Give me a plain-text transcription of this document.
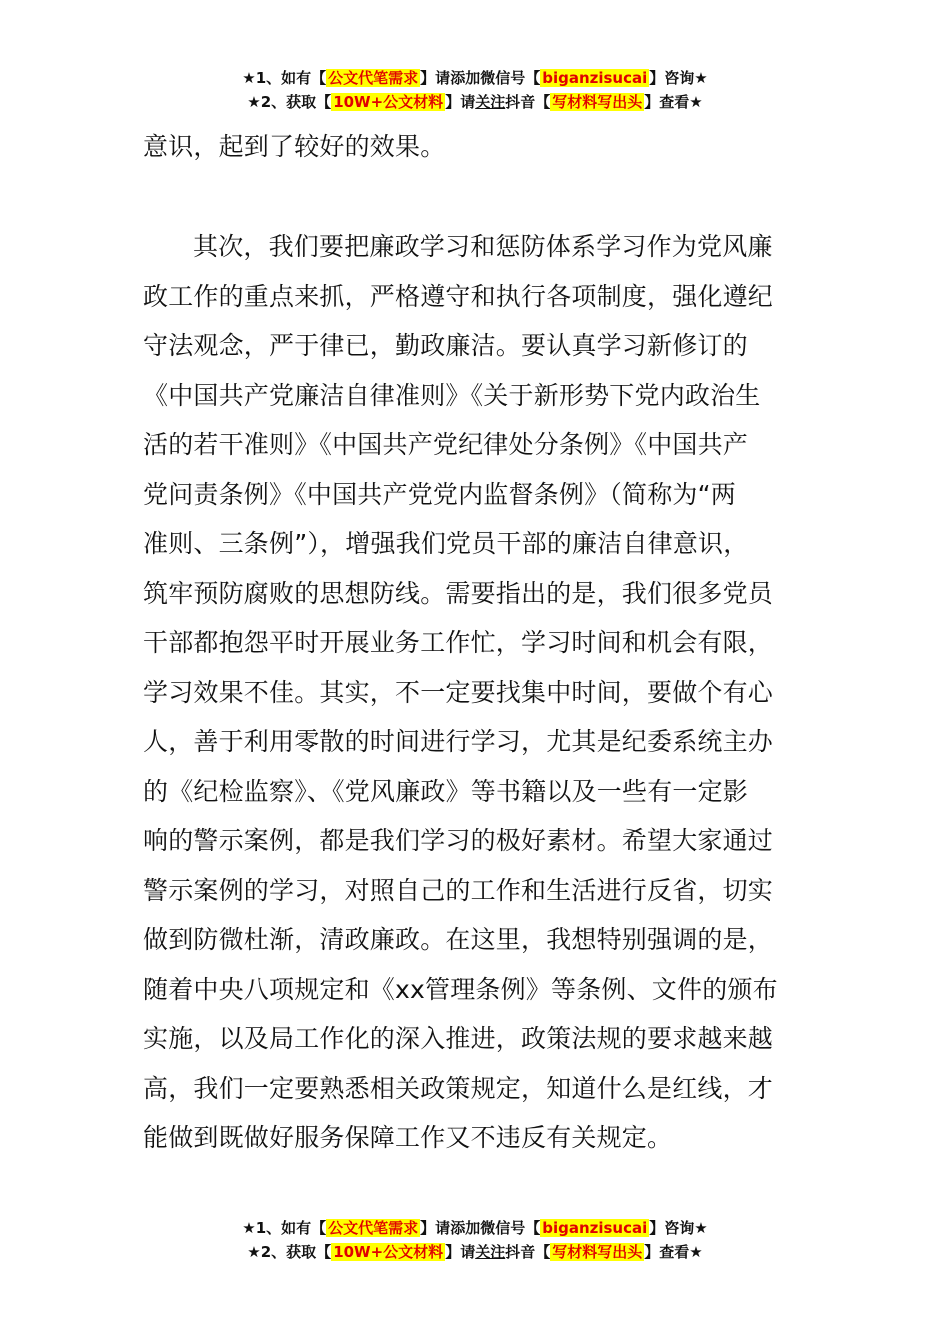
★1、如有【 公文代笔需求 】请添加微信号【 biganzisucai 】咨询★
★2、获取【 10W+公文材料 】请关注抖音【 写材料写出头 】查看★
意识，起到了较好的效果。
其次，我们要把廉政学习和惩防体系学习作为党风廉
政工作的重点来抓，严格遵守和执行各项制度，强化遵纪
守法观念，严于律已，勤政廉洁。要认真学习新修订的
《中国共产党廉洁自律准则》《关于新形势下党内政治生
活的若干准则》《中国共产党纪律处分条例》《中国共产
党问责条例》《中国共产党党内监督条例》（简称为“两
准则、三条例”），增强我们党员干部的廉洁自律意识，
筑牢预防腐败的思想防线。需要指出的是，我们很多党员
干部都抱怨平时开展业务工作忙，学习时间和机会有限，
学习效果不佳。其实，不一定要找集中时间，要做个有心
人，善于利用零散的时间进行学习，尤其是纪委系统主办
的《纪检监察》、《党风廉政》等书籍以及一些有一定影
响的警示案例，都是我们学习的极好素材。希望大家通过
警示案例的学习，对照自己的工作和生活进行反省，切实
做到防微杜渐，清政廉政。在这里，我想特别强调的是，
随着中央八项规定和《xx管理条例》等条例、文件的颁布
实施，以及局工作化的深入推进，政策法规的要求越来越
高，我们一定要熟悉相关政策规定，知道什么是红线，才
能做到既做好服务保障工作又不违反有关规定。
★1、如有【 公文代笔需求 】请添加微信号【 biganzisucai 】咨询★
★2、获取【 10W+公文材料 】请关注抖音【 写材料写出头 】查看★
